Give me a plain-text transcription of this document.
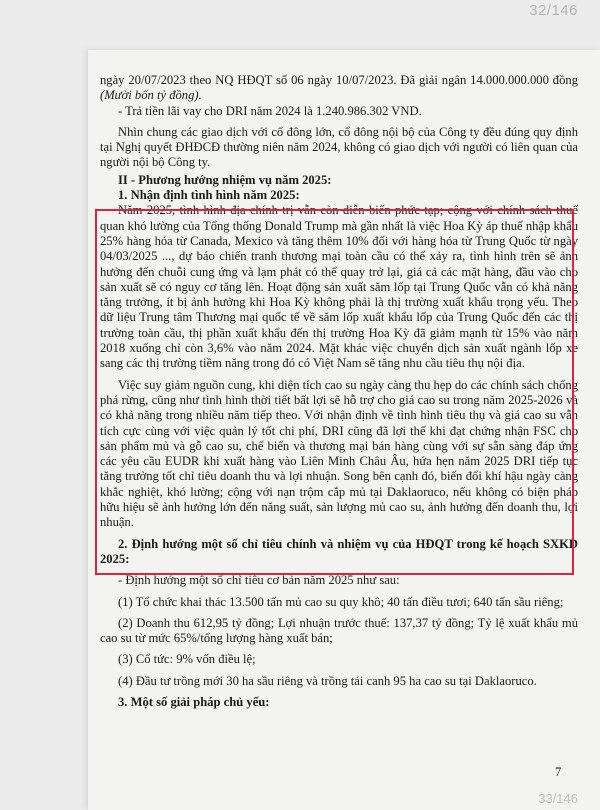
32/146

ngày 20/07/2023 theo NQ HĐQT số 06 ngày 10/07/2023. Đã giải ngân 14.000.000.000 đồng (Mười bốn tỷ đồng).

- Trả tiền lãi vay cho DRI năm 2024 là 1.240.986.302 VND.

Nhìn chung các giao dịch với cổ đông lớn, cổ đông nội bộ của Công ty đều đúng quy định tại Nghị quyết ĐHĐCĐ thường niên năm 2024, không có giao dịch với người có liên quan của người nội bộ Công ty.

II - Phương hướng nhiệm vụ năm 2025:

1. Nhận định tình hình năm 2025:

Năm 2025, tình hình địa chính trị vẫn còn diễn biến phức tạp; cộng với chính sách thuế quan khó lường của Tổng thống Donald Trump mà gần nhất là việc Hoa Kỳ áp thuế nhập khẩu 25% hàng hóa từ Canada, Mexico và tăng thêm 10% đối với hàng hóa từ Trung Quốc từ ngày 04/03/2025 ..., dự báo chiến tranh thương mại toàn cầu có thể xảy ra, tình hình trên sẽ ảnh hưởng đến chuỗi cung ứng và lạm phát có thể quay trở lại, giá cả các mặt hàng, đầu vào cho sản xuất sẽ có nguy cơ tăng lên. Hoạt động sản xuất săm lốp tại Trung Quốc vẫn có khả năng tăng trưởng, ít bị ảnh hưởng khi Hoa Kỳ không phải là thị trường xuất khẩu trọng yếu. Theo dữ liệu Trung tâm Thương mại quốc tế về săm lốp xuất khẩu lốp của Trung Quốc đến các thị trường toàn cầu, thị phần xuất khẩu đến thị trường Hoa Kỳ đã giảm mạnh từ 15% vào năm 2018 xuống chỉ còn 3,6% vào năm 2024. Mặt khác việc chuyển dịch sản xuất ngành lốp xe sang các thị trường tiềm năng trong đó có Việt Nam sẽ tăng nhu cầu tiêu thụ nội địa.

Việc suy giảm nguồn cung, khi diện tích cao su ngày càng thu hẹp do các chính sách chống phá rừng, cũng như tình hình thời tiết bất lợi sẽ hỗ trợ cho giá cao su trong năm 2025-2026 và có khả năng trong nhiều năm tiếp theo. Với nhận định về tình hình tiêu thụ và giá cao su vẫn tích cực cùng với việc quản lý tốt chi phí, DRI cũng đã lợi thế khi đạt chứng nhận FSC cho sản phẩm mủ và gỗ cao su, chế biến và thương mại bán hàng cùng với sự sẵn sàng đáp ứng các yêu cầu EUDR khi xuất hàng vào Liên Minh Châu Âu, hứa hẹn năm 2025 DRI tiếp tục tăng trưởng tốt chỉ tiêu doanh thu và lợi nhuận. Song bên cạnh đó, biến đổi khí hậu ngày càng khắc nghiệt, khó lường; cộng với nạn trộm cắp mủ tại Daklaoruco, nếu không có biện pháp hữu hiệu sẽ ảnh hưởng lớn đến năng suất, sản lượng mủ cao su, ảnh hưởng đến doanh thu, lợi nhuận.

2. Định hướng một số chỉ tiêu chính và nhiệm vụ của HĐQT trong kế hoạch SXKD 2025:

- Định hướng một số chỉ tiêu cơ bản năm 2025 như sau:

(1) Tổ chức khai thác 13.500 tấn mủ cao su quy khô; 40 tấn điều tươi; 640 tấn sầu riêng;

(2) Doanh thu 612,95 tỷ đồng; Lợi nhuận trước thuế: 137,37 tỷ đồng; Tỷ lệ xuất khẩu mủ cao su từ mức 65%/tổng lượng hàng xuất bán;

(3) Cổ tức: 9% vốn điều lệ;

(4) Đầu tư trồng mới 30 ha sầu riêng và trồng tái canh 95 ha cao su tại Daklaoruco.

3. Một số giải pháp chủ yếu:

7
33/146
